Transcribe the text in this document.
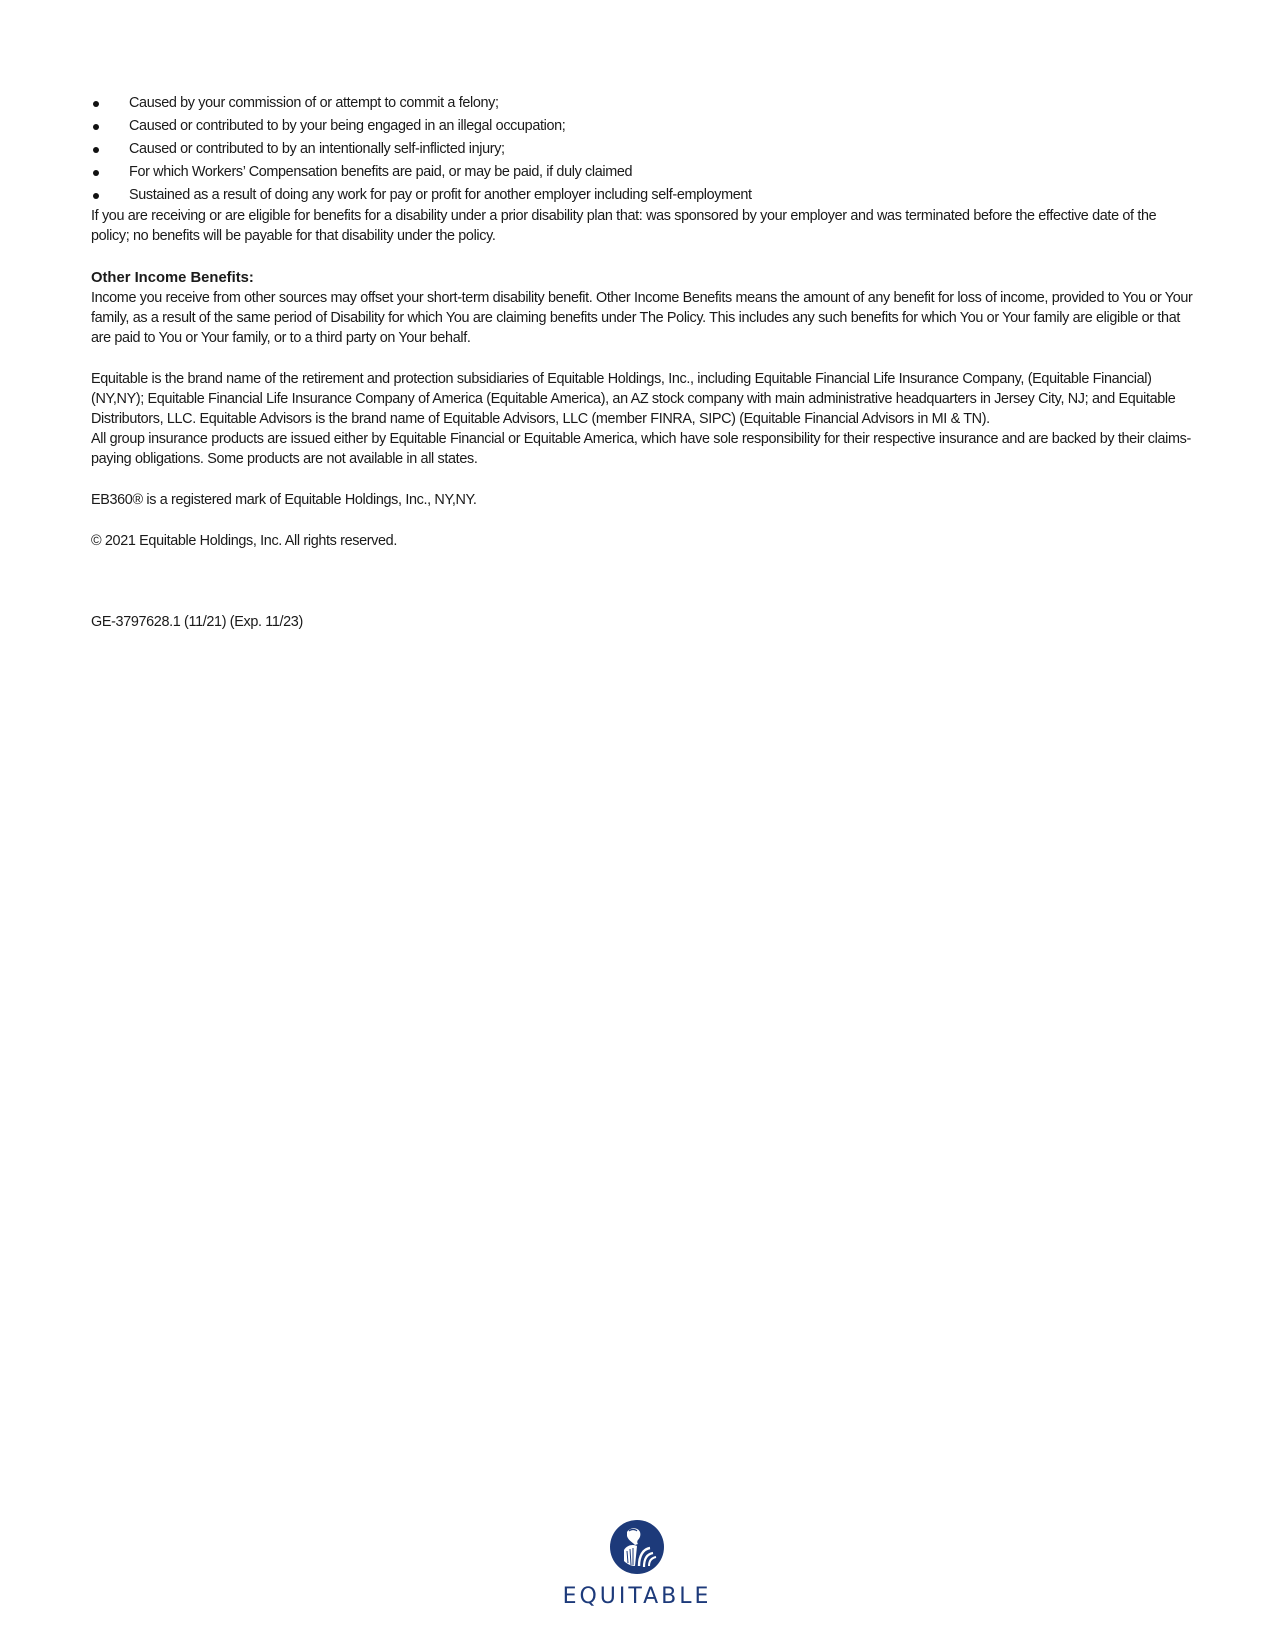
Caused by your commission of or attempt to commit a felony;
Caused or contributed to by your being engaged in an illegal occupation;
Caused or contributed to by an intentionally self-inflicted injury;
For which Workers’ Compensation benefits are paid, or may be paid, if duly claimed
Sustained as a result of doing any work for pay or profit for another employer including self-employment

If you are receiving or are eligible for benefits for a disability under a prior disability plan that: was sponsored by your employer and was terminated before the effective date of the policy; no benefits will be payable for that disability under the policy.

Other Income Benefits:

Income you receive from other sources may offset your short-term disability benefit. Other Income Benefits means the amount of any benefit for loss of income, provided to You or Your family, as a result of the same period of Disability for which You are claiming benefits under The Policy. This includes any such benefits for which You or Your family are eligible or that are paid to You or Your family, or to a third party on Your behalf.

Equitable is the brand name of the retirement and protection subsidiaries of Equitable Holdings, Inc., including Equitable Financial Life Insurance Company, (Equitable Financial) (NY,NY); Equitable Financial Life Insurance Company of America (Equitable America), an AZ stock company with main administrative headquarters in Jersey City, NJ; and Equitable Distributors, LLC. Equitable Advisors is the brand name of Equitable Advisors, LLC (member FINRA, SIPC) (Equitable Financial Advisors in MI & TN).

All group insurance products are issued either by Equitable Financial or Equitable America, which have sole responsibility for their respective insurance and are backed by their claims-paying obligations. Some products are not available in all states.

EB360® is a registered mark of Equitable Holdings, Inc., NY,NY.

© 2021 Equitable Holdings, Inc. All rights reserved.

GE-3797628.1 (11/21) (Exp. 11/23)

EQUITABLE
